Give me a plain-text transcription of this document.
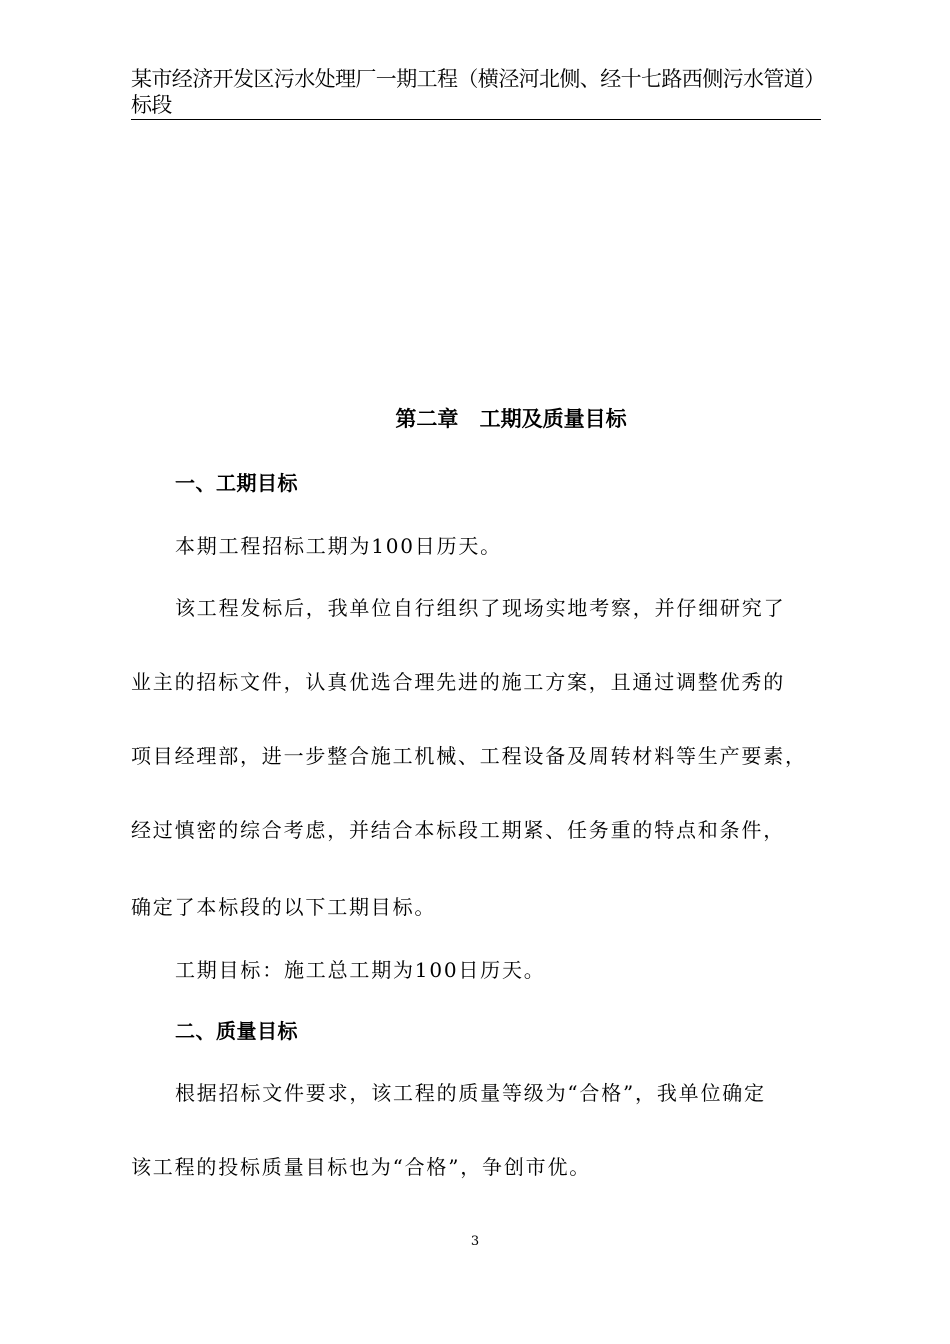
某市经济开发区污水处理厂一期工程（横泾河北侧、经十七路西侧污水管道）标段
第二章 工期及质量目标
一、工期目标
本期工程招标工期为100日历天。
该工程发标后，我单位自行组织了现场实地考察，并仔细研究了
业主的招标文件，认真优选合理先进的施工方案，且通过调整优秀的
项目经理部，进一步整合施工机械、工程设备及周转材料等生产要素，
经过慎密的综合考虑，并结合本标段工期紧、任务重的特点和条件，
确定了本标段的以下工期目标。
工期目标：施工总工期为100日历天。
二、质量目标
根据招标文件要求，该工程的质量等级为“合格”，我单位确定
该工程的投标质量目标也为“合格”，争创市优。
3
